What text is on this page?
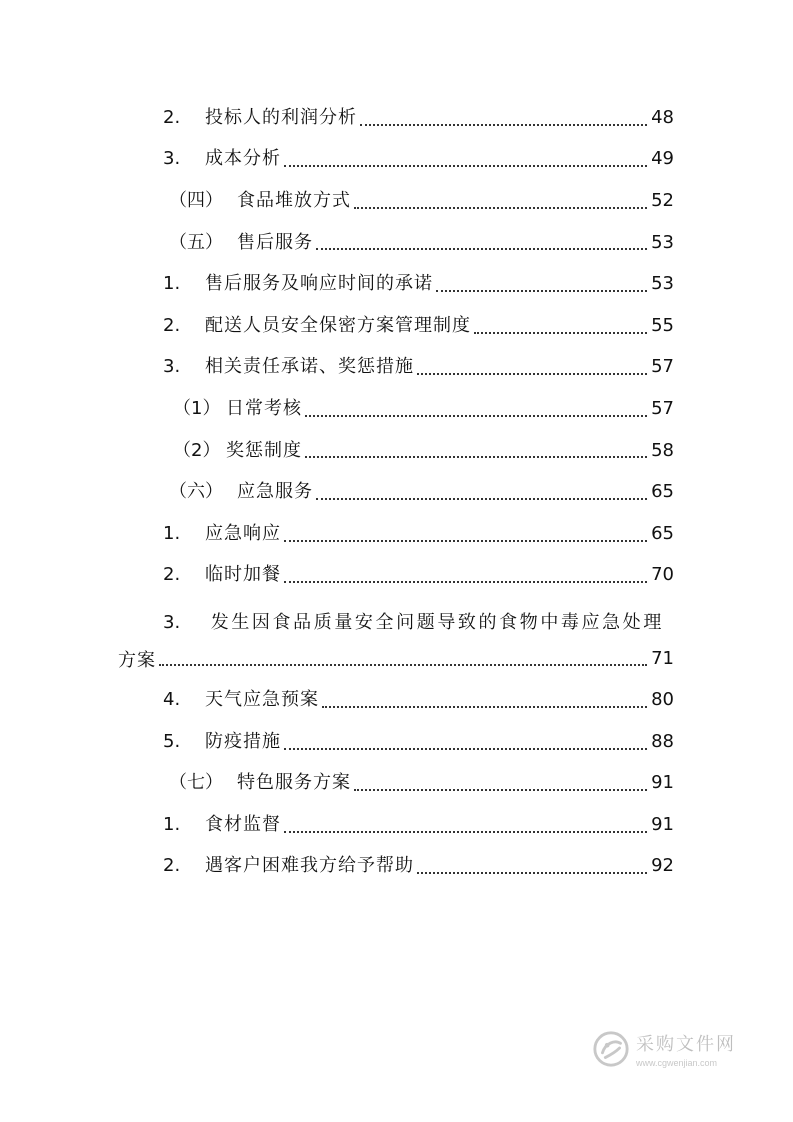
2.	投标人的利润分析	48
3.	成本分析	49
（四） 食品堆放方式	52
（五） 售后服务	53
1.	售后服务及响应时间的承诺	53
2.	配送人员安全保密方案管理制度	55
3.	相关责任承诺、奖惩措施	57
（1） 日常考核	57
（2） 奖惩制度	58
（六） 应急服务	65
1.	应急响应	65
2.	临时加餐	70
3. 发生因食品质量安全问题导致的食物中毒应急处理
方案	71
4.	天气应急预案	80
5.	防疫措施	88
（七） 特色服务方案	91
1.	食材监督	91
2.	遇客户困难我方给予帮助	92
采购文件网
www.cgwenjian.com
